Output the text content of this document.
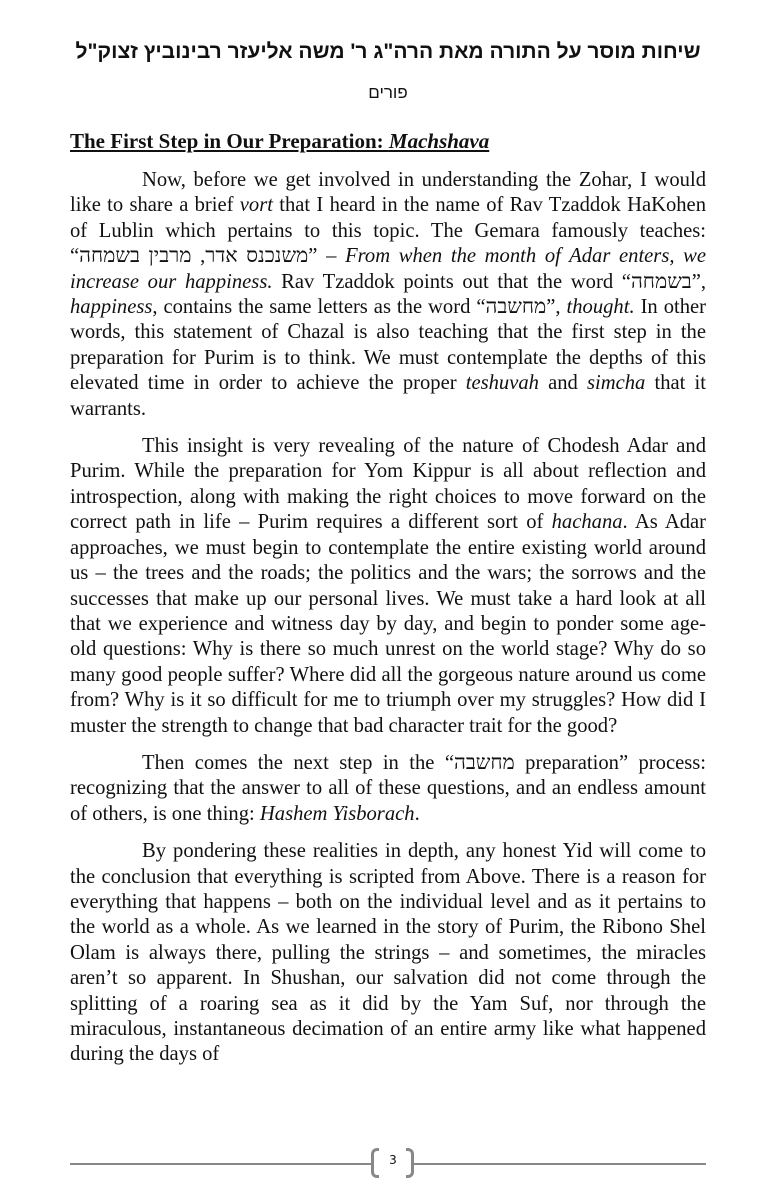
שיחות מוסר על התורה מאת הרה"ג ר' משה אליעזר רבינוביץ זצוק"ל
פורים
The First Step in Our Preparation: Machshava

Now, before we get involved in understanding the Zohar, I would like to share a brief vort that I heard in the name of Rav Tzaddok HaKohen of Lublin which pertains to this topic. The Gemara famously teaches: “משנכנס אדר, מרבין בשמחה” – From when the month of Adar enters, we increase our happiness. Rav Tzaddok points out that the word “בשמחה”, happiness, contains the same letters as the word “מחשבה”, thought. In other words, this statement of Chazal is also teaching that the first step in the preparation for Purim is to think. We must contemplate the depths of this elevated time in order to achieve the proper teshuvah and simcha that it warrants.

This insight is very revealing of the nature of Chodesh Adar and Purim. While the preparation for Yom Kippur is all about reflection and introspection, along with making the right choices to move forward on the correct path in life – Purim requires a different sort of hachana. As Adar approaches, we must begin to contemplate the entire existing world around us – the trees and the roads; the politics and the wars; the sorrows and the successes that make up our personal lives. We must take a hard look at all that we experience and witness day by day, and begin to ponder some age-old questions: Why is there so much unrest on the world stage? Why do so many good people suffer? Where did all the gorgeous nature around us come from? Why is it so difficult for me to triumph over my struggles? How did I muster the strength to change that bad character trait for the good?

Then comes the next step in the “מחשבה preparation” process: recognizing that the answer to all of these questions, and an endless amount of others, is one thing: Hashem Yisborach.

By pondering these realities in depth, any honest Yid will come to the conclusion that everything is scripted from Above. There is a reason for everything that happens – both on the individual level and as it pertains to the world as a whole. As we learned in the story of Purim, the Ribono Shel Olam is always there, pulling the strings – and sometimes, the miracles aren’t so apparent. In Shushan, our salvation did not come through the splitting of a roaring sea as it did by the Yam Suf, nor through the miraculous, instantaneous decimation of an entire army like what happened during the days of

3
